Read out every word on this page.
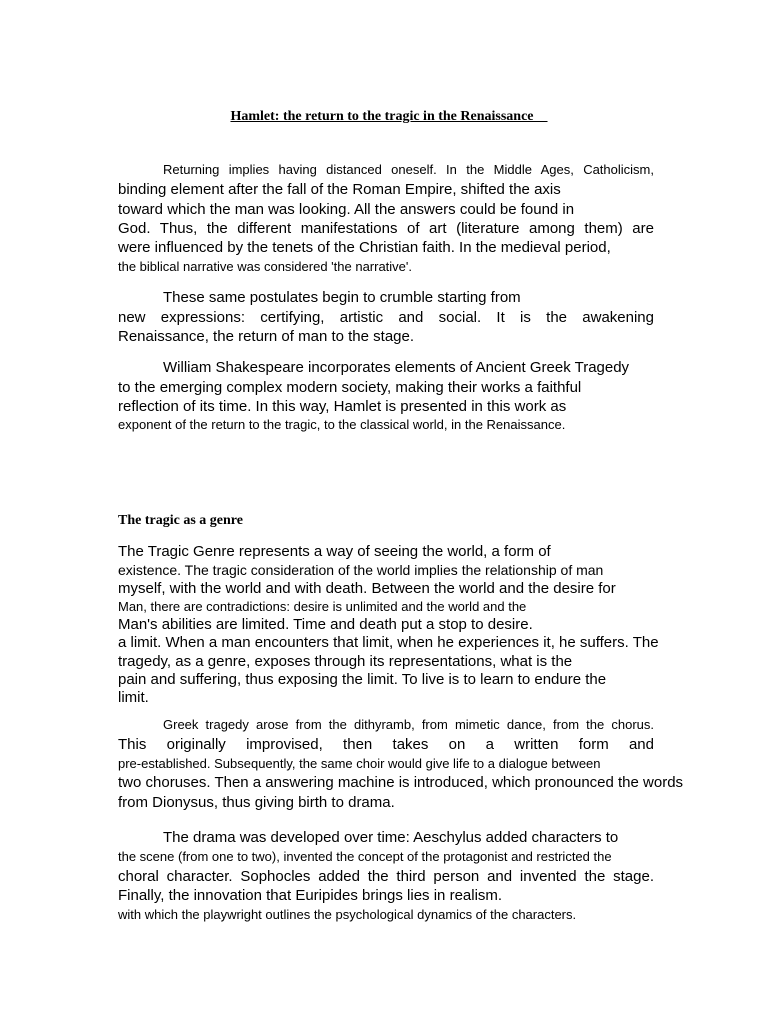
Hamlet: the return to the tragic in the Renaissance
Returning implies having distanced oneself. In the Middle Ages, Catholicism,
binding element after the fall of the Roman Empire, shifted the axis
toward which the man was looking. All the answers could be found in
God. Thus, the different manifestations of art (literature among them) are
were influenced by the tenets of the Christian faith. In the medieval period,
the biblical narrative was considered 'the narrative'.
These same postulates begin to crumble starting from
new expressions: certifying, artistic and social. It is the awakening
Renaissance, the return of man to the stage.
William Shakespeare incorporates elements of Ancient Greek Tragedy
to the emerging complex modern society, making their works a faithful
reflection of its time. In this way, Hamlet is presented in this work as
exponent of the return to the tragic, to the classical world, in the Renaissance.
The tragic as a genre
The Tragic Genre represents a way of seeing the world, a form of
existence. The tragic consideration of the world implies the relationship of man
myself, with the world and with death. Between the world and the desire for
Man, there are contradictions: desire is unlimited and the world and the
Man's abilities are limited. Time and death put a stop to desire.
a limit. When a man encounters that limit, when he experiences it, he suffers. The
tragedy, as a genre, exposes through its representations, what is the
pain and suffering, thus exposing the limit. To live is to learn to endure the
limit.
Greek tragedy arose from the dithyramb, from mimetic dance, from the chorus.
This originally improvised, then takes on a written form and
pre-established. Subsequently, the same choir would give life to a dialogue between
two choruses. Then a answering machine is introduced, which pronounced the words
from Dionysus, thus giving birth to drama.
The drama was developed over time: Aeschylus added characters to
the scene (from one to two), invented the concept of the protagonist and restricted the
choral character. Sophocles added the third person and invented the stage.
Finally, the innovation that Euripides brings lies in realism.
with which the playwright outlines the psychological dynamics of the characters.
